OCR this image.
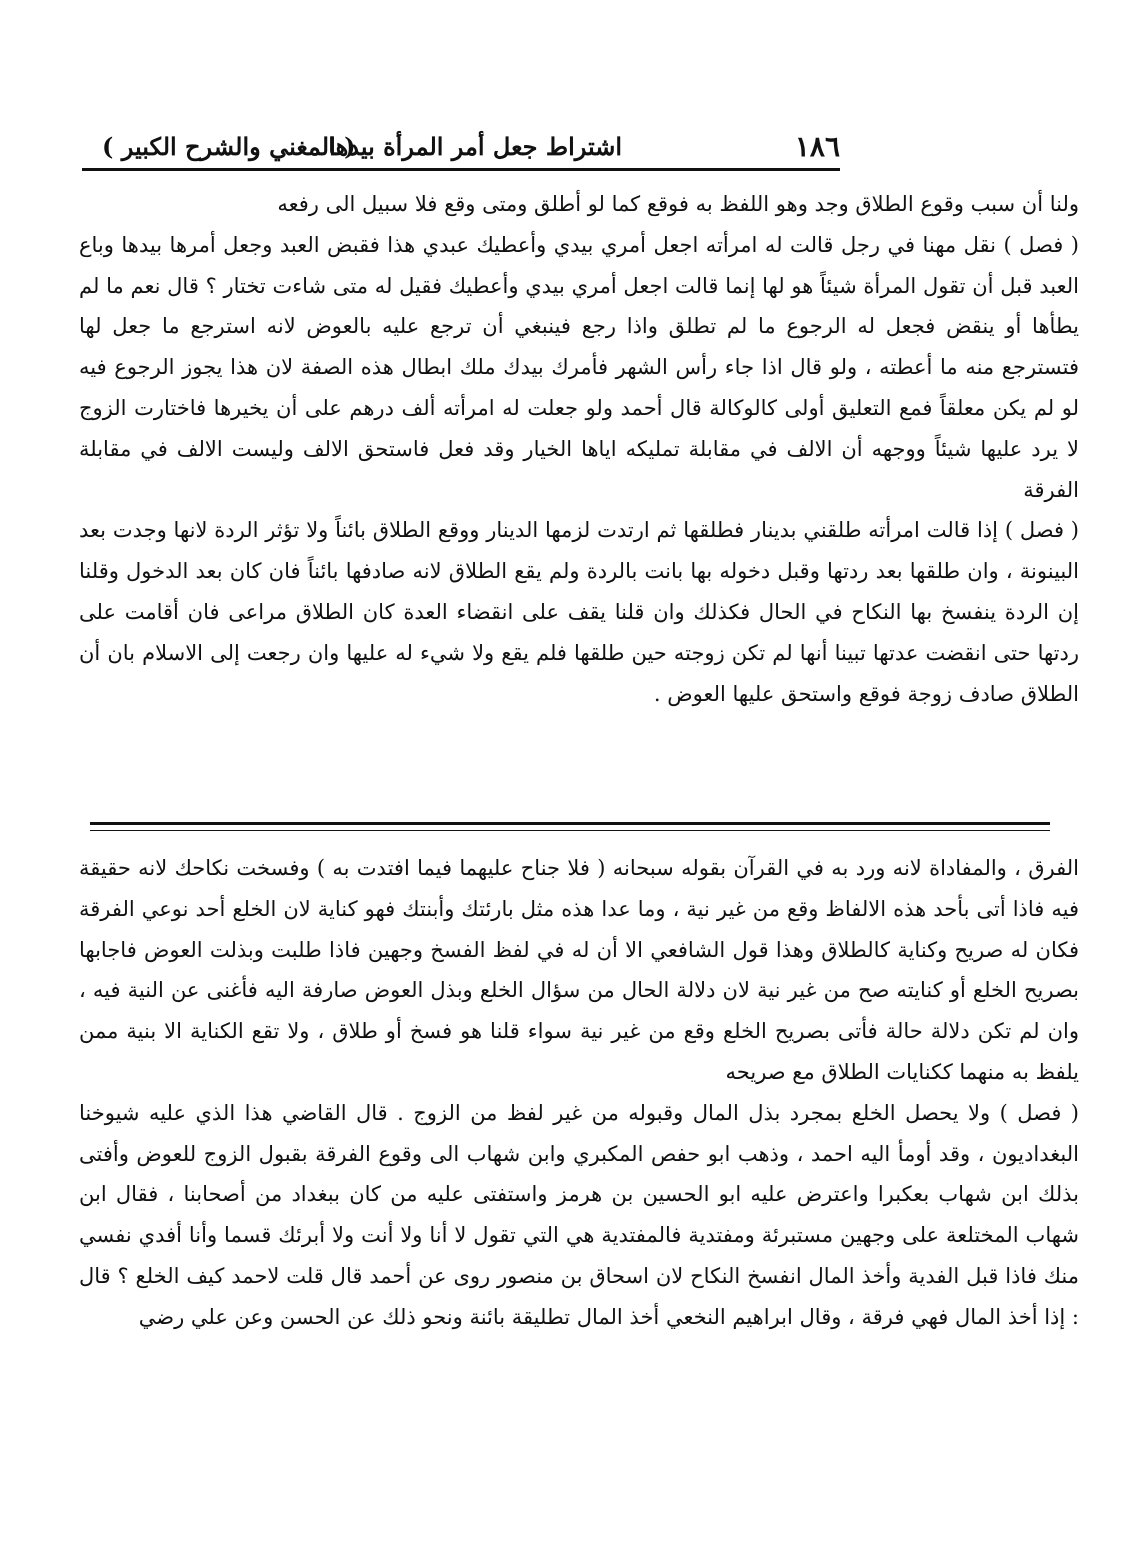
١٨٦
اشتراط جعل أمر المرأة بيدها
( المغني والشرح الكبير )

ولنا أن سبب وقوع الطلاق وجد وهو اللفظ به فوقع كما لو أطلق ومتى وقع فلا سبيل الى رفعه

( فصل ) نقل مهنا في رجل قالت له امرأته اجعل أمري بيدي وأعطيك عبدي هذا فقبض العبد وجعل أمرها بيدها وباع العبد قبل أن تقول المرأة شيئاً هو لها إنما قالت اجعل أمري بيدي وأعطيك فقيل له متى شاءت تختار ؟ قال نعم ما لم يطأها أو ينقض فجعل له الرجوع ما لم تطلق واذا رجع فينبغي أن ترجع عليه بالعوض لانه استرجع ما جعل لها فتسترجع منه ما أعطته ، ولو قال اذا جاء رأس الشهر فأمرك بيدك ملك ابطال هذه الصفة لان هذا يجوز الرجوع فيه لو لم يكن معلقاً فمع التعليق أولى كالوكالة قال أحمد ولو جعلت له امرأته ألف درهم على أن يخيرها فاختارت الزوج لا يرد عليها شيئاً ووجهه أن الالف في مقابلة تمليكه اياها الخيار وقد فعل فاستحق الالف وليست الالف في مقابلة الفرقة

( فصل ) إذا قالت امرأته طلقني بدينار فطلقها ثم ارتدت لزمها الدينار ووقع الطلاق بائناً ولا تؤثر الردة لانها وجدت بعد البينونة ، وان طلقها بعد ردتها وقبل دخوله بها بانت بالردة ولم يقع الطلاق لانه صادفها بائناً فان كان بعد الدخول وقلنا إن الردة ينفسخ بها النكاح في الحال فكذلك وان قلنا يقف على انقضاء العدة كان الطلاق مراعى فان أقامت على ردتها حتى انقضت عدتها تبينا أنها لم تكن زوجته حين طلقها فلم يقع ولا شيء له عليها وان رجعت إلى الاسلام بان أن الطلاق صادف زوجة فوقع واستحق عليها العوض .

الفرق ، والمفاداة لانه ورد به في القرآن بقوله سبحانه ( فلا جناح عليهما فيما افتدت به ) وفسخت نكاحك لانه حقيقة فيه فاذا أتى بأحد هذه الالفاظ وقع من غير نية ، وما عدا هذه مثل بارئتك وأبنتك فهو كناية لان الخلع أحد نوعي الفرقة فكان له صريح وكناية كالطلاق وهذا قول الشافعي الا أن له في لفظ الفسخ وجهين فاذا طلبت وبذلت العوض فاجابها بصريح الخلع أو كنايته صح من غير نية لان دلالة الحال من سؤال الخلع وبذل العوض صارفة اليه فأغنى عن النية فيه ، وان لم تكن دلالة حالة فأتى بصريح الخلع وقع من غير نية سواء قلنا هو فسخ أو طلاق ، ولا تقع الكناية الا بنية ممن يلفظ به منهما ككنايات الطلاق مع صريحه

( فصل ) ولا يحصل الخلع بمجرد بذل المال وقبوله من غير لفظ من الزوج . قال القاضي هذا الذي عليه شيوخنا البغداديون ، وقد أومأ اليه احمد ، وذهب ابو حفص المكبري وابن شهاب الى وقوع الفرقة بقبول الزوج للعوض وأفتى بذلك ابن شهاب بعكبرا واعترض عليه ابو الحسين بن هرمز واستفتى عليه من كان ببغداد من أصحابنا ، فقال ابن شهاب المختلعة على وجهين مستبرئة ومفتدية فالمفتدية هي التي تقول لا أنا ولا أنت ولا أبرئك قسما وأنا أفدي نفسي منك فاذا قبل الفدية وأخذ المال انفسخ النكاح لان اسحاق بن منصور روى عن أحمد قال قلت لاحمد كيف الخلع ؟ قال : إذا أخذ المال فهي فرقة ، وقال ابراهيم النخعي أخذ المال تطليقة بائنة ونحو ذلك عن الحسن وعن علي رضي
